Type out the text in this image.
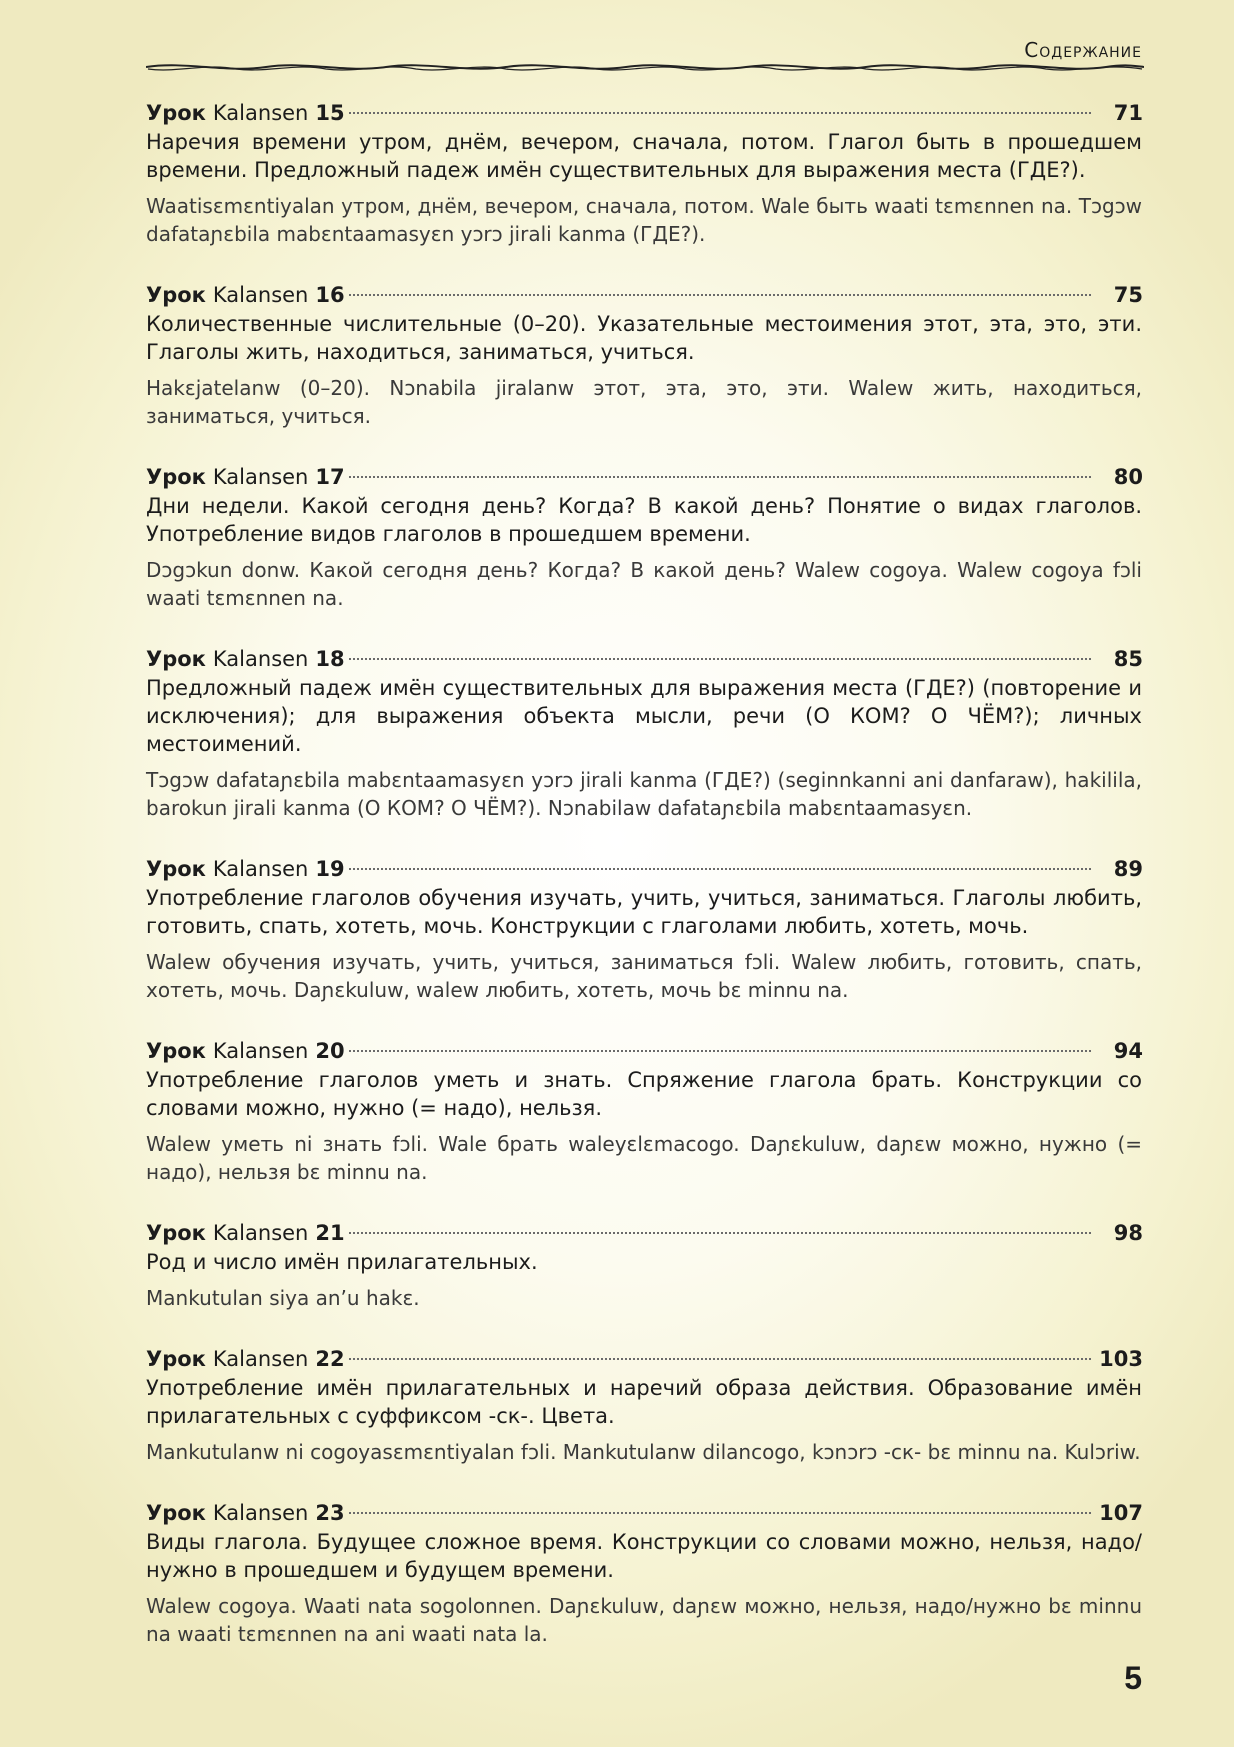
Содержание
Урок Kalansen 15	71
Наречия времени утром, днём, вечером, сначала, потом. Глагол быть в прошедшем времени. Предложный падеж имён существительных для выражения места (ГДЕ?).
Waatisɛmɛntiyalan утром, днём, вечером, сначала, потом. Wale быть waati tɛmɛnnen na. Tɔgɔw dafataɲɛbila mabɛntaamasyɛn yɔrɔ jirali kanma (ГДЕ?).
Урок Kalansen 16	75
Количественные числительные (0–20). Указательные местоимения этот, эта, это, эти. Глаголы жить, находиться, заниматься, учиться.
Hakɛjatelanw (0–20). Nɔnabila jiralanw этот, эта, это, эти. Walew жить, находиться, заниматься, учиться.
Урок Kalansen 17	80
Дни недели. Какой сегодня день? Когда? В какой день? Понятие о видах глаголов. Употребление видов глаголов в прошедшем времени.
Dɔgɔkun donw. Какой сегодня день? Когда? В какой день? Walew cogoya. Walew cogoya fɔli waati tɛmɛnnen na.
Урок Kalansen 18	85
Предложный падеж имён существительных для выражения места (ГДЕ?) (повторение и исключения); для выражения объекта мысли, речи (О КОМ? О ЧЁМ?); личных местоимений.
Tɔgɔw dafataɲɛbila mabɛntaamasyɛn yɔrɔ jirali kanma (ГДЕ?) (seginnkanni ani danfaraw), hakilila, barokun jirali kanma (О КОМ? О ЧЁМ?). Nɔnabilaw dafataɲɛbila mabɛntaamasyɛn.
Урок Kalansen 19	89
Употребление глаголов обучения изучать, учить, учиться, заниматься. Глаголы любить, готовить, спать, хотеть, мочь. Конструкции с глаголами любить, хотеть, мочь.
Walew обучения изучать, учить, учиться, заниматься fɔli. Walew любить, готовить, спать, хотеть, мочь. Daɲɛkuluw, walew любить, хотеть, мочь bɛ minnu na.
Урок Kalansen 20	94
Употребление глаголов уметь и знать. Спряжение глагола брать. Конструкции со словами можно, нужно (= надо), нельзя.
Walew уметь ni знать fɔli. Wale брать waleyɛlɛmacogo. Daɲɛkuluw, daɲɛw можно, нужно (= надо), нельзя bɛ minnu na.
Урок Kalansen 21	98
Род и число имён прилагательных.
Mankutulan siya an’u hakɛ.
Урок Kalansen 22	103
Употребление имён прилагательных и наречий образа действия. Образование имён прилагательных с суффиксом -ск-. Цвета.
Mankutulanw ni cogoyasɛmɛntiyalan fɔli. Mankutulanw dilancogo, kɔnɔrɔ -ск- bɛ minnu na. Kulɔriw.
Урок Kalansen 23	107
Виды глагола. Будущее сложное время. Конструкции со словами можно, нельзя, надо/нужно в прошедшем и будущем времени.
Walew cogoya. Waati nata sogolonnen. Daɲɛkuluw, daɲɛw можно, нельзя, надо/нужно bɛ minnu na waati tɛmɛnnen na ani waati nata la.
5
